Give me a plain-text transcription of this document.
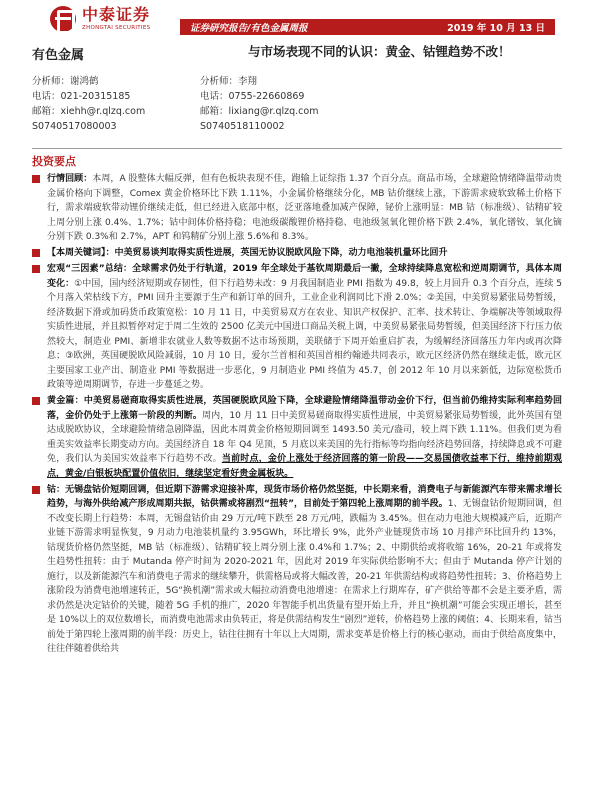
中泰证券
ZHONGTAI SECURITIES	证券研究报告/有色金属周报	2019 年 10 月 13 日
有色金属	与市场表现不同的认识：黄金、钴锂趋势不改！
分析师：谢鸿鹤
电话：021-20315185
邮箱：xiehh@r.qlzq.com
S0740517080003
分析师：李翔
电话：0755-22660869
邮箱：lixiang@r.qlzq.com
S0740518110002
投资要点
行情回顾：本周，A 股整体大幅反弹，但有色板块表现不佳，跑输上证综指 1.37 个百分点。商品市场，全球避险情绪降温带动贵金属价格向下调整，Comex 黄金价格环比下跌 1.11%，小金属价格继续分化，MB 钴价继续上涨，下游需求疲软致稀土价格下行，需求端疲软带动锂价继续走低，但已经进入底部中枢，泛亚落地叠加减产保障，铋价上涨明显：MB 钴（标准级）、钴精矿较上周分别上涨 0.4%、1.7%；钴中间体价格持稳；电池级碳酸锂价格持稳、电池级氢氧化锂价格下跌 2.4%，氧化镨钕、氧化镝分别下跌 0.3%和 2.7%，APT 和钨精矿分别上涨 5.6%和 8.3%。
【本周关键词】：中美贸易谈判取得实质性进展，英国无协议脱欧风险下降，动力电池装机量环比回升
宏观“三因素”总结：全球需求仍处于行轨道，2019 年全球处于基钦周期最后一撇，全球持续降息宽松和逆周期调节，具体本周变化：①中国，国内经济短期或存韧性，但下行趋势未改：9 月我国制造业 PMI 指数为 49.8，较上月回升 0.3 个百分点，连续 5 个月落入荣枯线下方，PMI 回升主要源于生产和新订单的回升，工业企业利润同比下滑 2.0%；②美国，中美贸易紧张局势暂缓，经济数据下滑或加码货币政策宽松：10 月 11 日，中美贸易双方在农业、知识产权保护、汇率、技术转让、争端解决等领域取得实质性进展，并且拟暂停对定于周二生效的 2500 亿美元中国进口商品关税上调，中美贸易紧张局势暂缓，但美国经济下行压力依然较大，制造业 PMI、新增非农就业人数等数据不达市场预期，美联储于下周开始重启扩表，为缓解经济回落压力年内或再次降息；③欧洲，英国硬脱欧风险减弱，10 月 10 日，爱尔兰首相和英国首相约翰逊共同表示，欧元区经济仍然在继续走低，欧元区主要国家工业产出、制造业 PMI 等数据进一步恶化，9 月制造业 PMI 终值为 45.7，创 2012 年 10 月以来新低，边际宽松货币政策等逆周期调节，存进一步蔓延之势。
黄金篇：中美贸易磋商取得实质性进展，英国硬脱欧风险下降，全球避险情绪降温带动金价下行，但当前仍维持实际利率趋势回落，金价仍处于上涨第一阶段的判断。周内，10 月 11 日中美贸易磋商取得实质性进展，中美贸易紧张局势暂缓，此外英国有望达成脱欧协议，全球避险情绪急剧降温，因此本周黄金价格短期回调至 1493.50 美元/盎司，较上周下跌 1.11%。但我们更为看重美实效益率长期变动方向。美国经济自 18 年 Q4 见顶，5 月底以来美国的先行指标等均指向经济趋势回落，持续降息或不可避免，我们认为美国实效益率下行趋势不改。当前时点，金价上涨处于经济回落的第一阶段——交易国债收益率下行，维持前期观点，黄金/白银板块配置价值依旧，继续坚定看好贵金属板块。
钴：无锡盘钴价短期回调，但近期下游需求迎接补库，现货市场价格仍然坚挺，中长期来看，消费电子与新能源汽车带来需求增长趋势，与海外供给减产形成周期共振，钴供需或将剧烈“扭转”，目前处于第四轮上涨周期的前半段。1、无锡盘钴价短期回调，但不改变长期上行趋势：本周，无锡盘钴价由 29 万元/吨下跌至 28 万元/吨，跌幅为 3.45%。但在动力电池大规模减产后，近期产业链下游需求明显恢复，9 月动力电池装机量约 3.95GWh，环比增长 9%，此外产业链现货市场 10 月排产环比回升约 13%，钴现货价格仍然坚挺，MB 钴（标准级）、钴精矿较上周分别上涨 0.4%和 1.7%；2、中期供给或将收缩 16%，20-21 年或将发生趋势性扭转：由于 Mutanda 停产时间为 2020-2021 年，因此对 2019 年实际供给影响不大；但由于 Mutanda 停产计划的施行，以及新能源汽车和消费电子需求的继续攀升，供需格局或将大幅改善，20-21 年供需结构或将趋势性扭转；3、价格趋势上涨阶段为消费电池增速转正，5G“换机潮”需求或大幅拉动消费电池增速：在需求上行期库存，矿产供给等都不会是主要矛盾，需求仍然是决定钴价的关键，随着 5G 手机的推广，2020 年智能手机出货量有望开始上升，并且“换机潮”可能会实现正增长，甚至是 10%以上的双位数增长，而消费电池需求由负转正，将是供需结构发生“剧烈”逆转，价格趋势上涨的阈值；4、长期来看，钴当前处于第四轮上涨周期的前半段：历史上，钴往往拥有十年以上大周期，需求变革是价格上行的核心驱动，而由于供给高度集中，往往伴随着供给共
